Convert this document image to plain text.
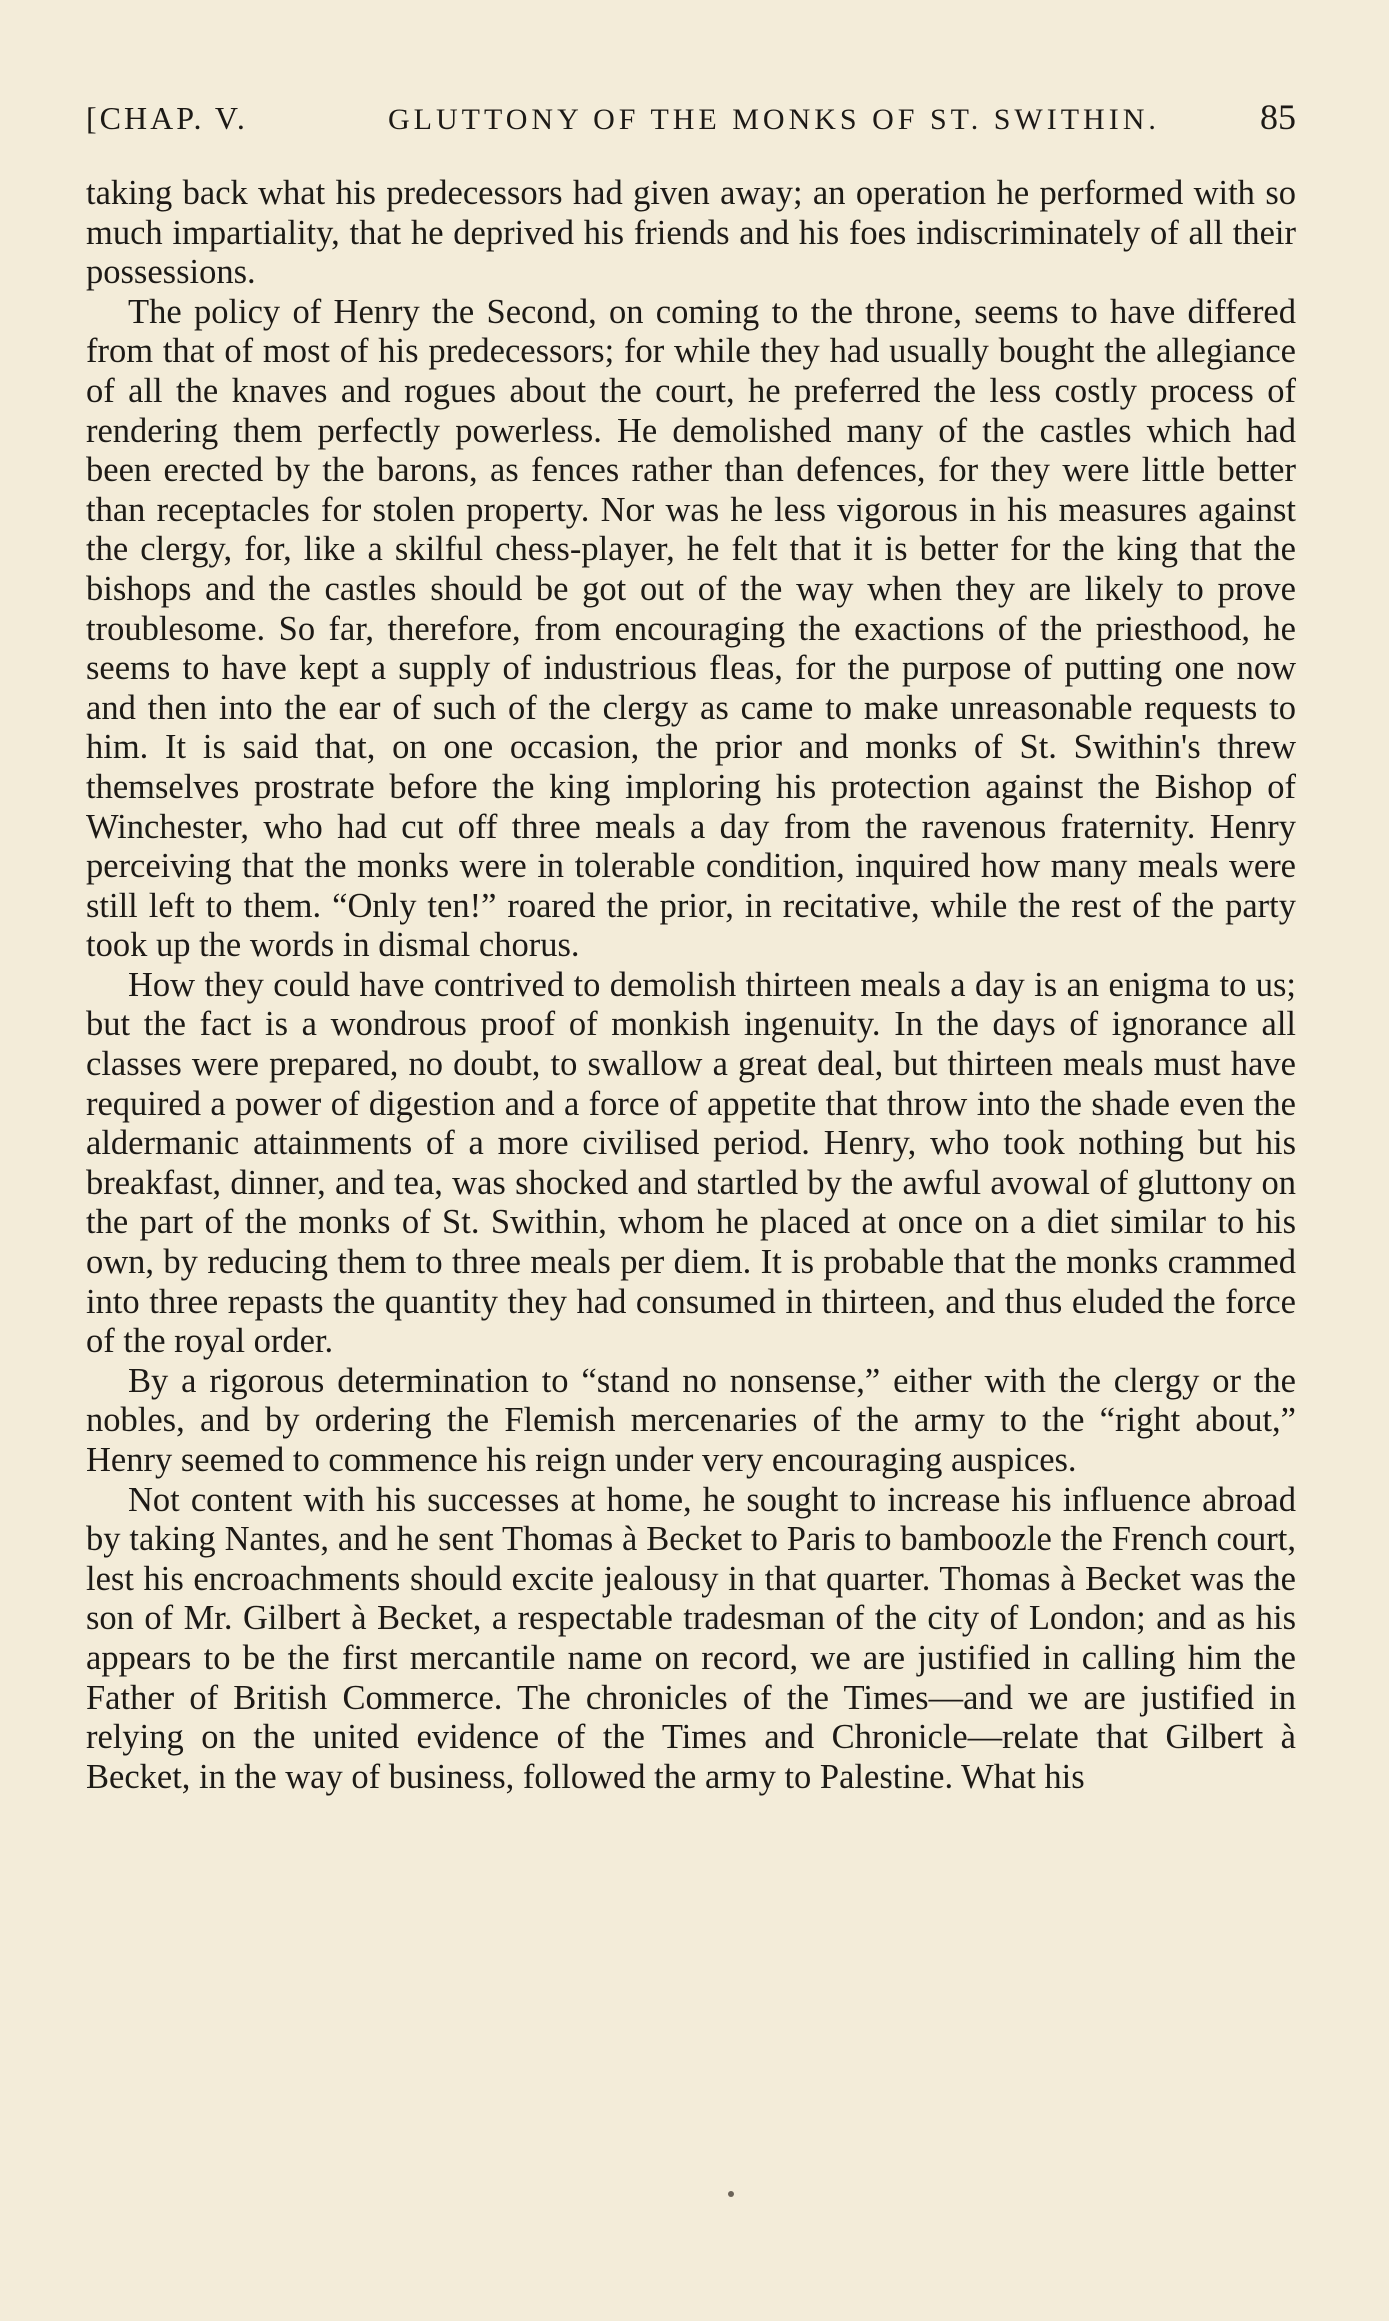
[CHAP. V.	GLUTTONY OF THE MONKS OF ST. SWITHIN.	85

taking back what his predecessors had given away; an operation he performed with so much impartiality, that he deprived his friends and his foes indiscriminately of all their possessions.

The policy of Henry the Second, on coming to the throne, seems to have differed from that of most of his predecessors; for while they had usually bought the allegiance of all the knaves and rogues about the court, he preferred the less costly process of rendering them perfectly powerless. He demolished many of the castles which had been erected by the barons, as fences rather than defences, for they were little better than receptacles for stolen property. Nor was he less vigorous in his measures against the clergy, for, like a skilful chess-player, he felt that it is better for the king that the bishops and the castles should be got out of the way when they are likely to prove troublesome. So far, therefore, from encouraging the exactions of the priesthood, he seems to have kept a supply of industrious fleas, for the purpose of putting one now and then into the ear of such of the clergy as came to make unreasonable requests to him. It is said that, on one occasion, the prior and monks of St. Swithin's threw themselves prostrate before the king imploring his protection against the Bishop of Winchester, who had cut off three meals a day from the ravenous fraternity. Henry perceiving that the monks were in tolerable condition, inquired how many meals were still left to them. “Only ten!” roared the prior, in recitative, while the rest of the party took up the words in dismal chorus.

How they could have contrived to demolish thirteen meals a day is an enigma to us; but the fact is a wondrous proof of monkish ingenuity. In the days of ignorance all classes were prepared, no doubt, to swallow a great deal, but thirteen meals must have required a power of digestion and a force of appetite that throw into the shade even the aldermanic attainments of a more civilised period. Henry, who took nothing but his breakfast, dinner, and tea, was shocked and startled by the awful avowal of gluttony on the part of the monks of St. Swithin, whom he placed at once on a diet similar to his own, by reducing them to three meals per diem. It is probable that the monks crammed into three repasts the quantity they had consumed in thirteen, and thus eluded the force of the royal order.

By a rigorous determination to “stand no nonsense,” either with the clergy or the nobles, and by ordering the Flemish mercenaries of the army to the “right about,” Henry seemed to commence his reign under very encouraging auspices.

Not content with his successes at home, he sought to increase his influence abroad by taking Nantes, and he sent Thomas à Becket to Paris to bamboozle the French court, lest his encroachments should excite jealousy in that quarter. Thomas à Becket was the son of Mr. Gilbert à Becket, a respectable tradesman of the city of London; and as his appears to be the first mercantile name on record, we are justified in calling him the Father of British Commerce. The chronicles of the Times—and we are justified in relying on the united evidence of the Times and Chronicle—relate that Gilbert à Becket, in the way of business, followed the army to Palestine. What his
